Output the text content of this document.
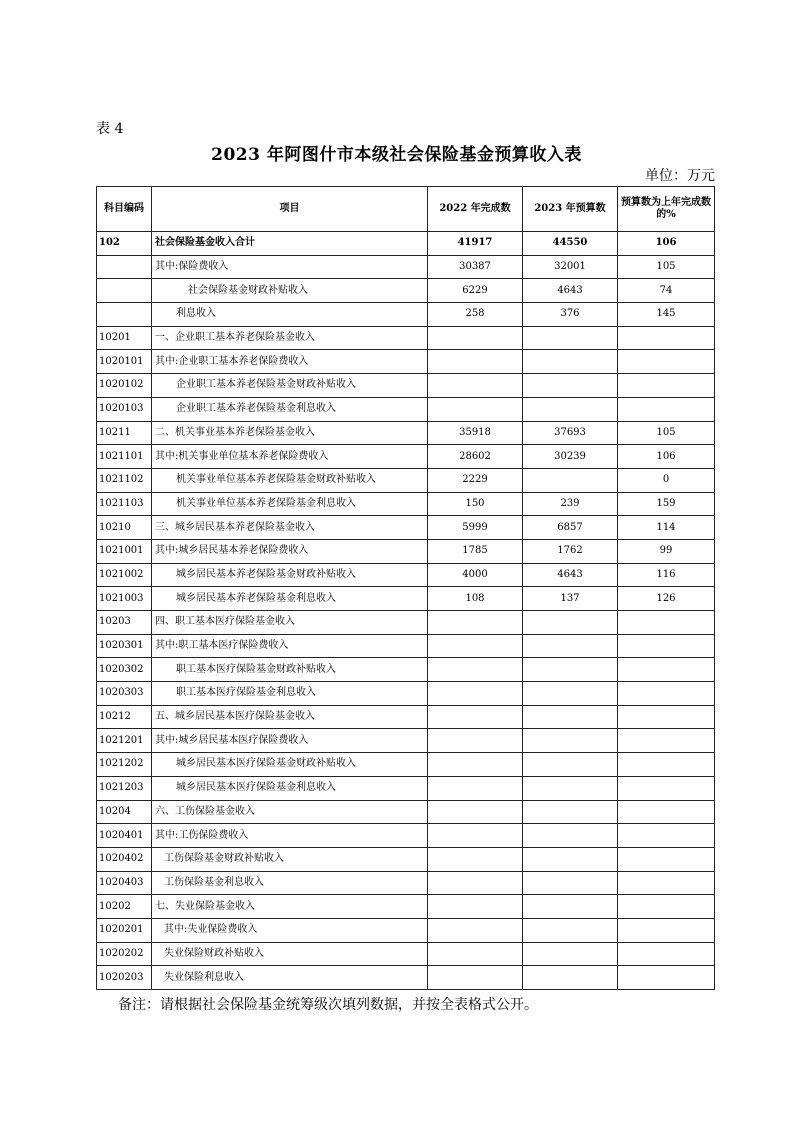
表 4
2023 年阿图什市本级社会保险基金预算收入表
单位：万元
科目编码	项目	2022 年完成数	2023 年预算数	预算数为上年完成数的%
102	社会保险基金收入合计	41917	44550	106
	其中:保险费收入	30387	32001	105
	社会保险基金财政补贴收入	6229	4643	74
	利息收入	258	376	145
10201	一、企业职工基本养老保险基金收入			
1020101	其中:企业职工基本养老保险费收入			
1020102	企业职工基本养老保险基金财政补贴收入			
1020103	企业职工基本养老保险基金利息收入			
10211	二、机关事业基本养老保险基金收入	35918	37693	105
1021101	其中:机关事业单位基本养老保险费收入	28602	30239	106
1021102	机关事业单位基本养老保险基金财政补贴收入	2229		0
1021103	机关事业单位基本养老保险基金利息收入	150	239	159
10210	三、城乡居民基本养老保险基金收入	5999	6857	114
1021001	其中:城乡居民基本养老保险费收入	1785	1762	99
1021002	城乡居民基本养老保险基金财政补贴收入	4000	4643	116
1021003	城乡居民基本养老保险基金利息收入	108	137	126
10203	四、职工基本医疗保险基金收入			
1020301	其中:职工基本医疗保险费收入			
1020302	职工基本医疗保险基金财政补贴收入			
1020303	职工基本医疗保险基金利息收入			
10212	五、城乡居民基本医疗保险基金收入			
1021201	其中:城乡居民基本医疗保险费收入			
1021202	城乡居民基本医疗保险基金财政补贴收入			
1021203	城乡居民基本医疗保险基金利息收入			
10204	六、工伤保险基金收入			
1020401	其中:工伤保险费收入			
1020402	工伤保险基金财政补贴收入			
1020403	工伤保险基金利息收入			
10202	七、失业保险基金收入			
1020201	其中:失业保险费收入			
1020202	失业保险财政补贴收入			
1020203	失业保险利息收入			
备注：请根据社会保险基金统筹级次填列数据，并按全表格式公开。
